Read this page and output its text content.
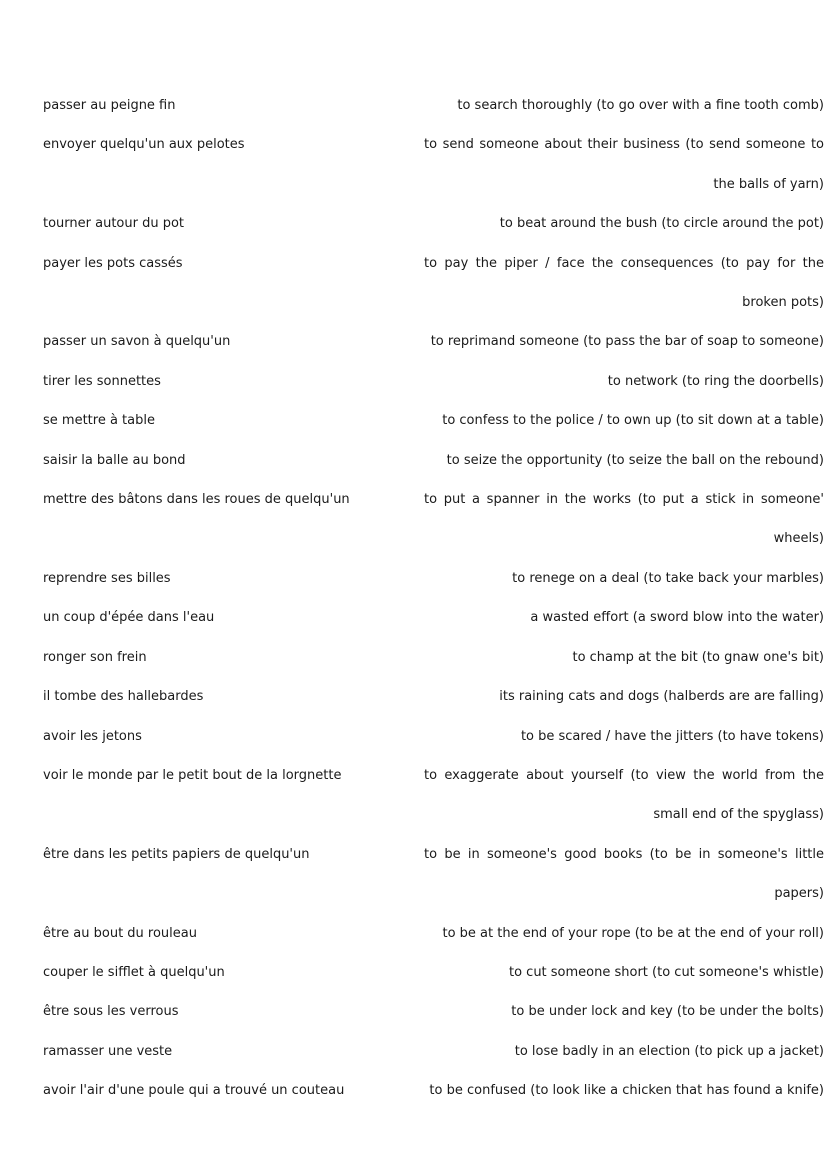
passer au peigne fin	to search thoroughly (to go over with a fine tooth comb)
envoyer quelqu'un aux pelotes	to send someone about their business (to send someone to the balls of yarn)
tourner autour du pot	to beat around the bush (to circle around the pot)
payer les pots cassés	to pay the piper / face the consequences (to pay for the broken pots)
passer un savon à quelqu'un	to reprimand someone (to pass the bar of soap to someone)
tirer les sonnettes	to network (to ring the doorbells)
se mettre à table	to confess to the police / to own up (to sit down at a table)
saisir la balle au bond	to seize the opportunity (to seize the ball on the rebound)
mettre des bâtons dans les roues de quelqu'un	to put a spanner in the works (to put a stick in someone' wheels)
reprendre ses billes	to renege on a deal (to take back your marbles)
un coup d'épée dans l'eau	a wasted effort (a sword blow into the water)
ronger son frein	to champ at the bit (to gnaw one's bit)
il tombe des hallebardes	its raining cats and dogs (halberds are are falling)
avoir les jetons	to be scared / have the jitters (to have tokens)
voir le monde par le petit bout de la lorgnette	to exaggerate about yourself (to view the world from the small end of the spyglass)
être dans les petits papiers de quelqu'un	to be in someone's good books (to be in someone's little papers)
être au bout du rouleau	to be at the end of your rope (to be at the end of your roll)
couper le sifflet à quelqu'un	to cut someone short (to cut someone's whistle)
être sous les verrous	to be under lock and key (to be under the bolts)
ramasser une veste	to lose badly in an election (to pick up a jacket)
avoir l'air d'une poule qui a trouvé un couteau	to be confused (to look like a chicken that has found a knife)
